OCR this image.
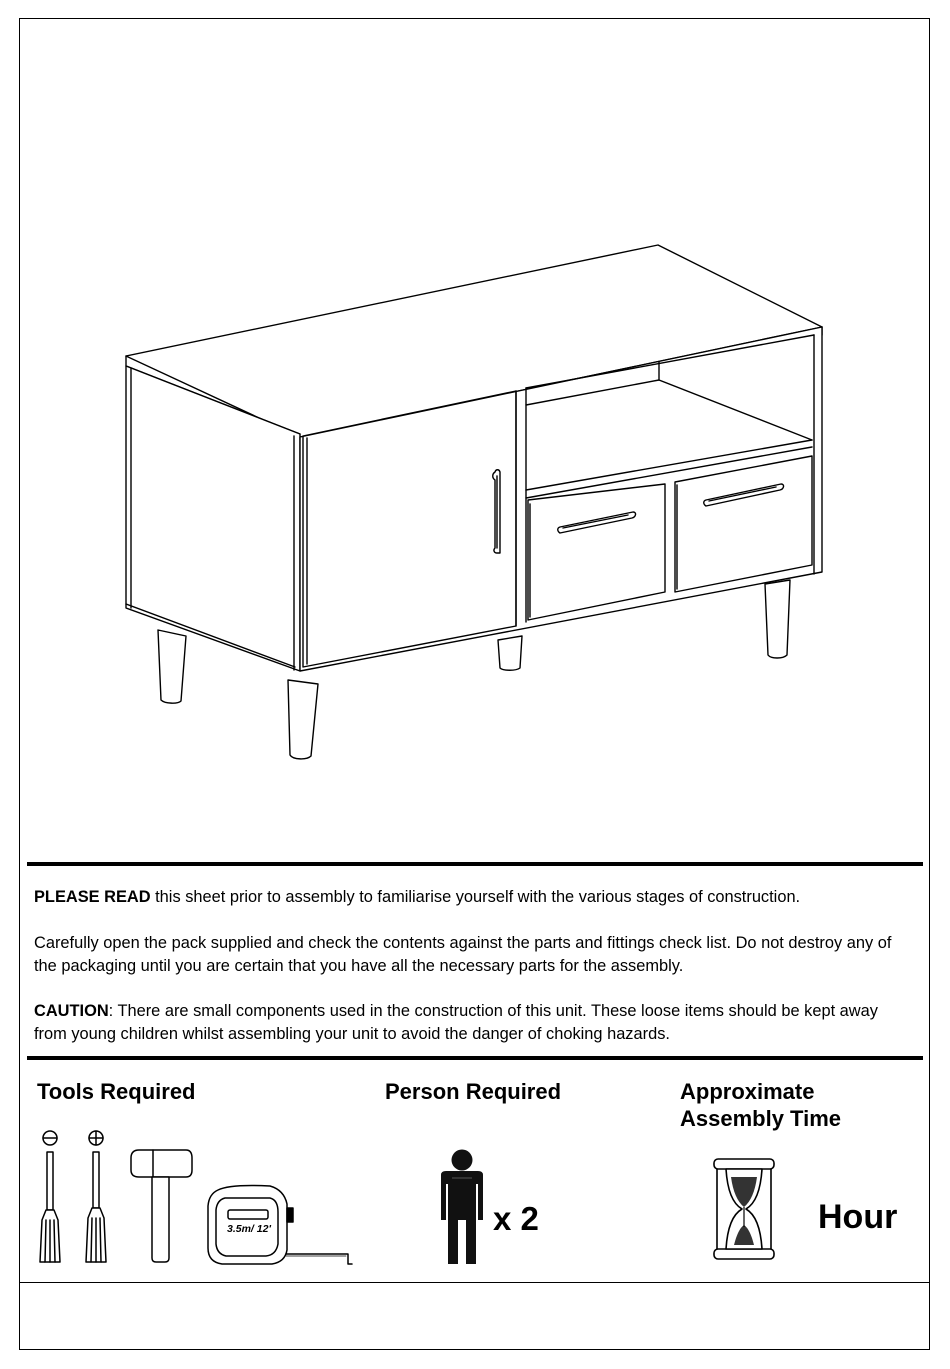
PLEASE READ this sheet prior to assembly to familiarise yourself with the various stages of construction.

Carefully open the pack supplied and check the contents against the parts and fittings check list. Do not destroy any of the packaging until you are certain that you have all the necessary parts for the assembly.

CAUTION: There are small components used in the construction of this unit. These loose items should be kept away from young children whilst assembling your unit to avoid the danger of choking hazards.

Tools Required	Person Required	Approximate
Assembly Time
3.5m/ 12'	x 2	Hour
